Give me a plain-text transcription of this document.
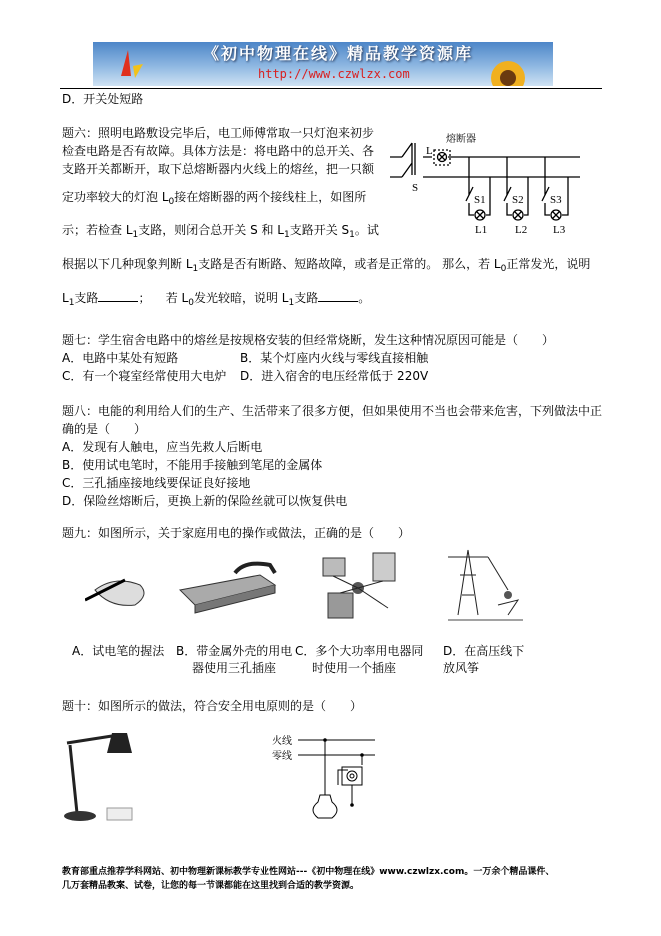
《初中物理在线》精品教学资源库
http://www.czwlzx.com
D．开关处短路
题六：照明电路敷设完毕后，电工师傅常取一只灯泡来初步
检查电路是否有故障。具体方法是：将电路中的总开关、各
支路开关都断开，取下总熔断器内火线上的熔丝，把一只额
定功率较大的灯泡 $L_0$接在熔断器的两个接线柱上，如图所
示；若检查 $L_1$支路，则闭合总开关 S 和 $L_1$支路开关 $S_1$。试
根据以下几种现象判断 $L_1$支路是否有断路、短路故障，或者是正常的。 那么，若 $L_0$正常发光，说明
$L_1$支路	；    若 $L_0$发光较暗，说明 $L_1$支路	。
熔断器
L
S
S1 S2 S3
L1	L2 L3
题七：学生宿舍电路中的熔丝是按规格安装的但经常烧断，发生这种情况原因可能是（　　）
A．电路中某处有短路	B．某个灯座内火线与零线直接相触
C．有一个寝室经常使用大电炉 D．进入宿舍的电压经常低于 220V
题八：电能的利用给人们的生产、生活带来了很多方便，但如果使用不当也会带来危害，下列做法中正
确的是（　　）
A．发现有人触电，应当先救人后断电
B．使用试电笔时，不能用手接触到笔尾的金属体
C．三孔插座接地线要保证良好接地
D．保险丝熔断后，更换上新的保险丝就可以恢复供电
题九：如图所示，关于家庭用电的操作或做法，正确的是（　　）
A．试电笔的握法 B．带金属外壳的用电
器使用三孔插座
C．多个大功率用电器同
时使用一个插座
D．在高压线下
放风筝
题十：如图所示的做法，符合安全用电原则的是（　　）
火线
零线
教育部重点推荐学科网站、初中物理新课标教学专业性网站---《初中物理在线》www.czwlzx.com。一万余个精品课件、
几万套精品教案、试卷，让您的每一节课都能在这里找到合适的教学资源。
